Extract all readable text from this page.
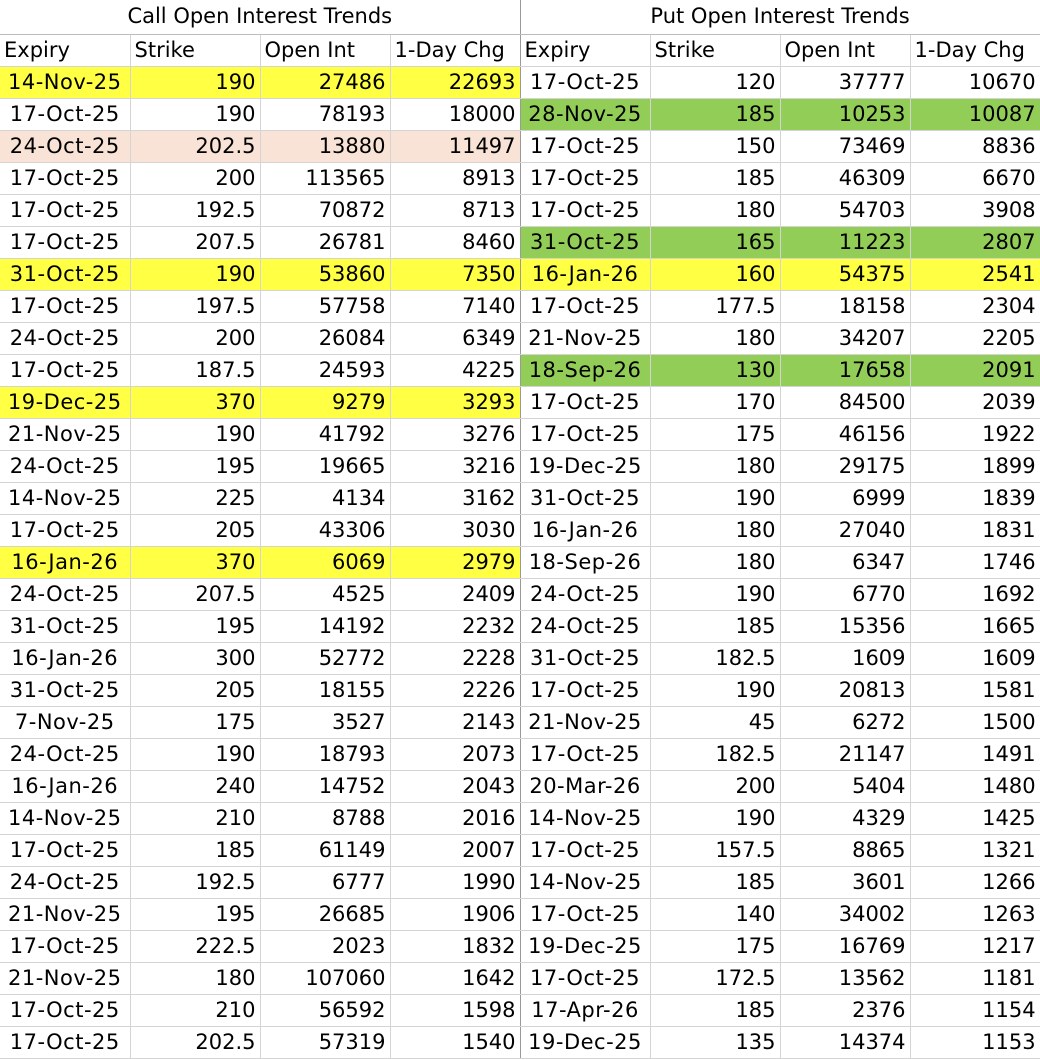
Call Open Interest Trends				Put Open Interest Trends			
Expiry	Strike	Open Int	1-Day Chg	Expiry	Strike	Open Int	1-Day Chg
14-Nov-25	190	27486	22693	17-Oct-25	120	37777	10670
17-Oct-25	190	78193	18000	28-Nov-25	185	10253	10087
24-Oct-25	202.5	13880	11497	17-Oct-25	150	73469	8836
17-Oct-25	200	113565	8913	17-Oct-25	185	46309	6670
17-Oct-25	192.5	70872	8713	17-Oct-25	180	54703	3908
17-Oct-25	207.5	26781	8460	31-Oct-25	165	11223	2807
31-Oct-25	190	53860	7350	16-Jan-26	160	54375	2541
17-Oct-25	197.5	57758	7140	17-Oct-25	177.5	18158	2304
24-Oct-25	200	26084	6349	21-Nov-25	180	34207	2205
17-Oct-25	187.5	24593	4225	18-Sep-26	130	17658	2091
19-Dec-25	370	9279	3293	17-Oct-25	170	84500	2039
21-Nov-25	190	41792	3276	17-Oct-25	175	46156	1922
24-Oct-25	195	19665	3216	19-Dec-25	180	29175	1899
14-Nov-25	225	4134	3162	31-Oct-25	190	6999	1839
17-Oct-25	205	43306	3030	16-Jan-26	180	27040	1831
16-Jan-26	370	6069	2979	18-Sep-26	180	6347	1746
24-Oct-25	207.5	4525	2409	24-Oct-25	190	6770	1692
31-Oct-25	195	14192	2232	24-Oct-25	185	15356	1665
16-Jan-26	300	52772	2228	31-Oct-25	182.5	1609	1609
31-Oct-25	205	18155	2226	17-Oct-25	190	20813	1581
7-Nov-25	175	3527	2143	21-Nov-25	45	6272	1500
24-Oct-25	190	18793	2073	17-Oct-25	182.5	21147	1491
16-Jan-26	240	14752	2043	20-Mar-26	200	5404	1480
14-Nov-25	210	8788	2016	14-Nov-25	190	4329	1425
17-Oct-25	185	61149	2007	17-Oct-25	157.5	8865	1321
24-Oct-25	192.5	6777	1990	14-Nov-25	185	3601	1266
21-Nov-25	195	26685	1906	17-Oct-25	140	34002	1263
17-Oct-25	222.5	2023	1832	19-Dec-25	175	16769	1217
21-Nov-25	180	107060	1642	17-Oct-25	172.5	13562	1181
17-Oct-25	210	56592	1598	17-Apr-26	185	2376	1154
17-Oct-25	202.5	57319	1540	19-Dec-25	135	14374	1153
